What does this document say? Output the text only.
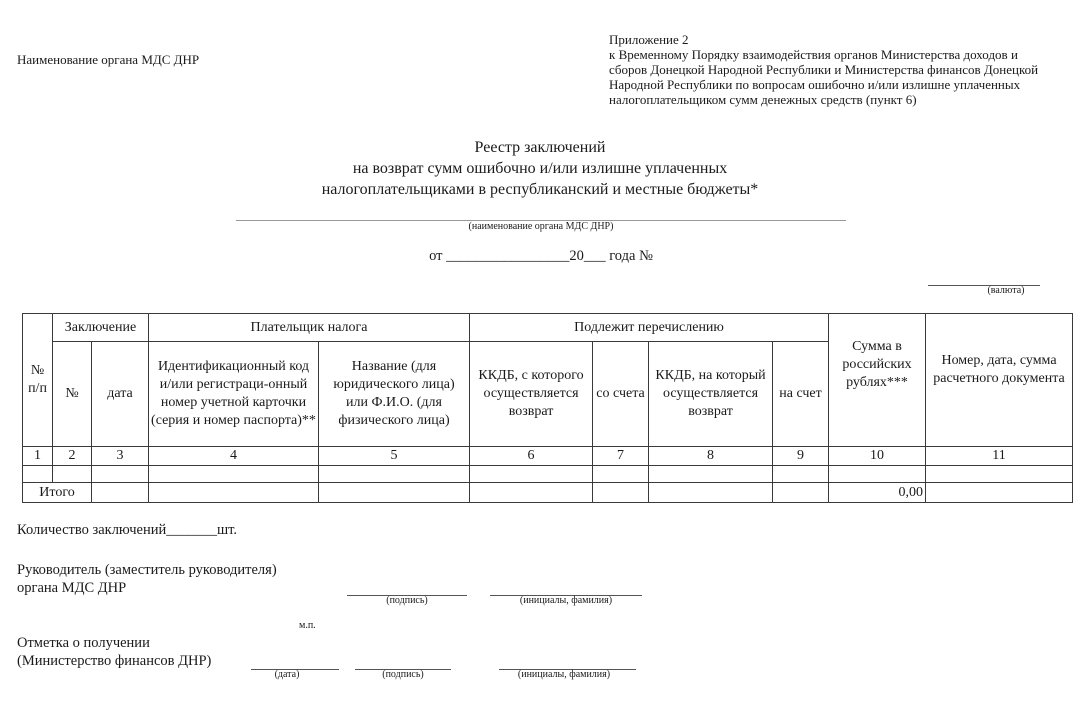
Наименование органа МДС ДНР
Приложение 2
к Временному Порядку взаимодействия органов Министерства доходов и
сборов Донецкой Народной Республики и Министерства финансов Донецкой
Народной Республики по вопросам ошибочно и/или излишне уплаченных
налогоплательщиком сумм денежных средств (пункт 6)
Реестр заключений
на возврат сумм ошибочно и/или излишне уплаченных
налогоплательщиками в республиканский и местные бюджеты*
(наименование органа МДС ДНР)
от _________________20___ года №
(валюта)
№ п/п	Заключение		Плательщик налога		Подлежит перечислению				Сумма в российских рублях***	Номер, дата, сумма расчетного документа
	№	дата	Идентификационный код и/или регистраци-онный номер учетной карточки (серия и номер паспорта)**	Название (для юридического лица) или Ф.И.О. (для физического лица)	ККДБ, с которого осуществляется возврат	со счета	ККДБ, на который осуществляется возврат	на счет		
1	2	3	4	5	6	7	8	9	10	11

Итого									0,00	
Количество заключений_______шт.
Руководитель (заместитель руководителя)
органа МДС ДНР
(подпись)	(инициалы, фамилия)
м.п.
Отметка о получении
(Министерство финансов ДНР)
(дата)	(подпись)	(инициалы, фамилия)
